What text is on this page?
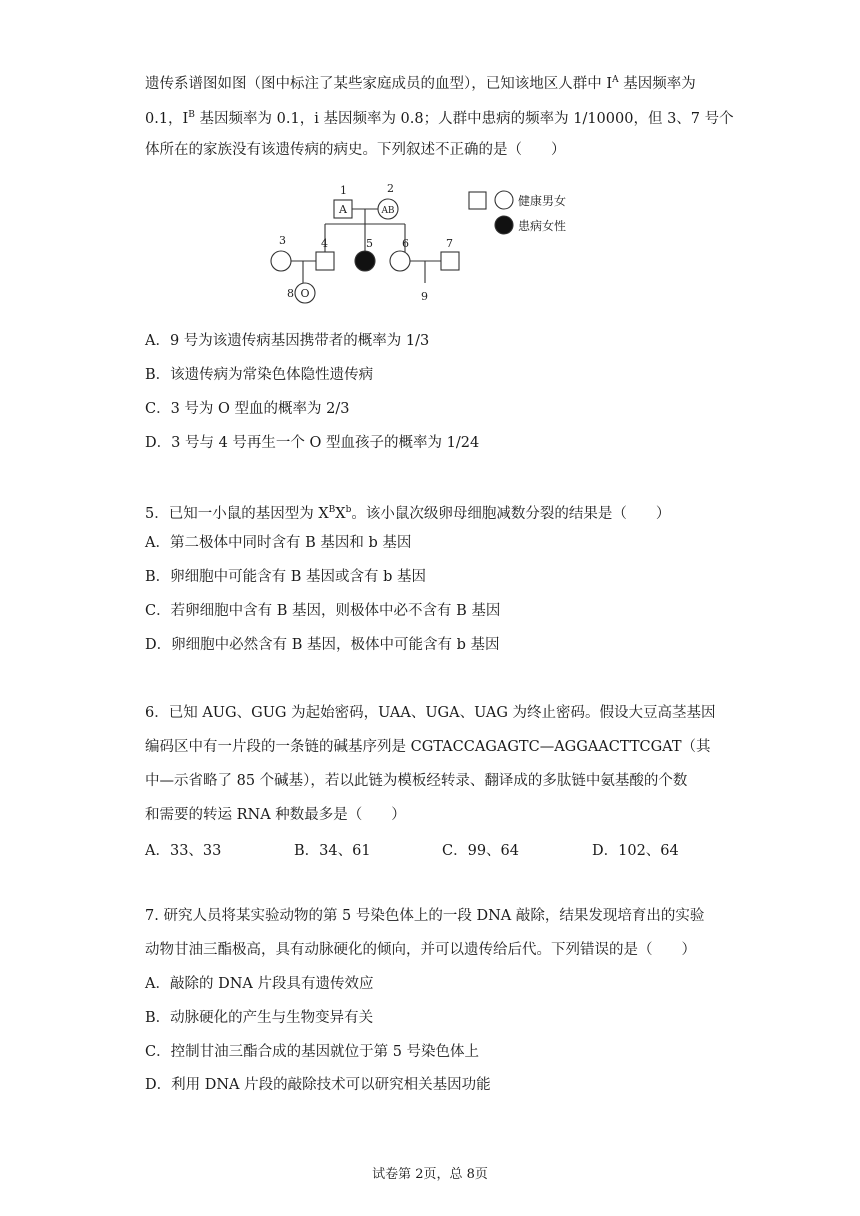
遗传系谱图如图（图中标注了某些家庭成员的血型），已知该地区人群中 $I^A$ 基因频率为
0.1，$I^B$ 基因频率为 0.1，i 基因频率为 0.8；人群中患病的频率为 1/10000，但 3、7 号个
体所在的家族没有该遗传病的病史。下列叙述不正确的是（　　）
1	2
3	4	5	6	7
8	9
A	AB
O
健康男女
患病女性
A．9 号为该遗传病基因携带者的概率为 1/3
B．该遗传病为常染色体隐性遗传病
C．3 号为 O 型血的概率为 2/3
D．3 号与 4 号再生一个 O 型血孩子的概率为 1/24
5．已知一小鼠的基因型为 $X^BX^b$。该小鼠次级卵母细胞减数分裂的结果是（　　）
A．第二极体中同时含有 B 基因和 b 基因
B．卵细胞中可能含有 B 基因或含有 b 基因
C．若卵细胞中含有 B 基因，则极体中必不含有 B 基因
D．卵细胞中必然含有 B 基因，极体中可能含有 b 基因
6．已知 AUG、GUG 为起始密码，UAA、UGA、UAG 为终止密码。假设大豆高茎基因
编码区中有一片段的一条链的碱基序列是 CGTACCAGAGTC—AGGAACTTCGAT（其
中—示省略了 85 个碱基），若以此链为模板经转录、翻译成的多肽链中氨基酸的个数
和需要的转运 RNA 种数最多是（　　）
A．33、33	B．34、61	C．99、64	D．102、64
7. 研究人员将某实验动物的第 5 号染色体上的一段 DNA 敲除，结果发现培育出的实验
动物甘油三酯极高，具有动脉硬化的倾向，并可以遗传给后代。下列错误的是（　　）
A．敲除的 DNA 片段具有遗传效应
B．动脉硬化的产生与生物变异有关
C．控制甘油三酯合成的基因就位于第 5 号染色体上
D．利用 DNA 片段的敲除技术可以研究相关基因功能
试卷第 2页，总 8页
